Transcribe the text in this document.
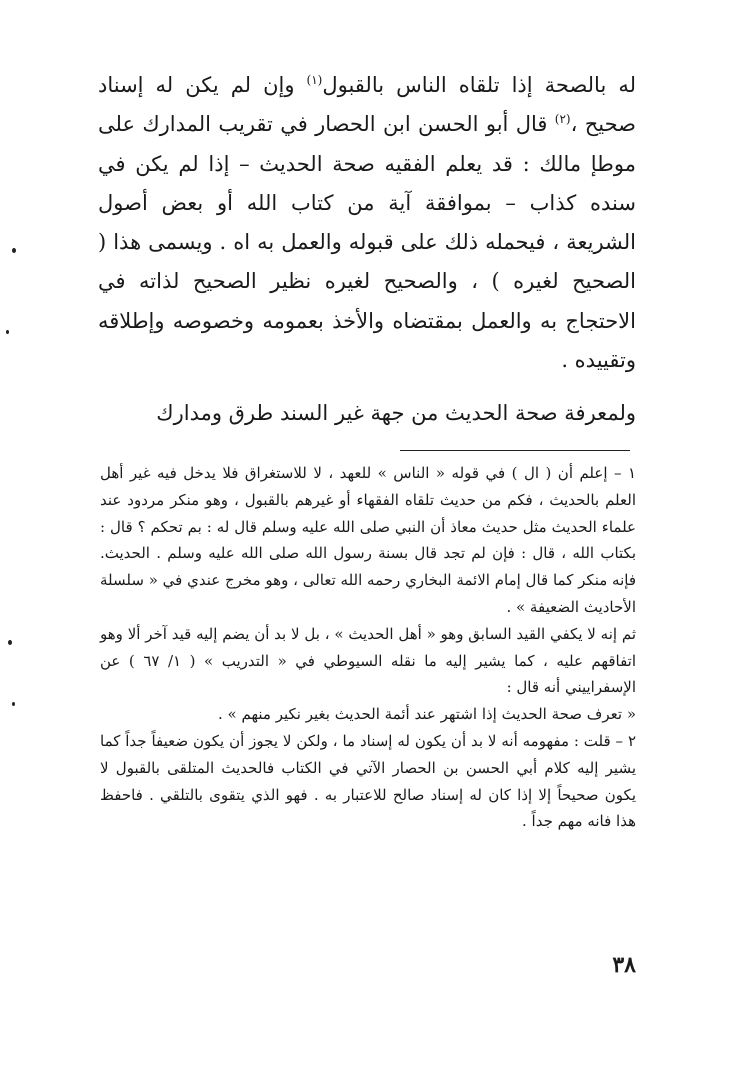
له بالصحة إذا تلقاه الناس بالقبول$^{(١)}$ وإن لم يكن له إسناد صحيح ،$^{(٢)}$ قال أبو الحسن ابن الحصار في تقريب المدارك على موطإ مالك : قد يعلم الفقيه صحة الحديث – إذا لم يكن في سنده كذاب – بموافقة آية من كتاب الله أو بعض أصول الشريعة ، فيحمله ذلك على قبوله والعمل به اه . ويسمى هذا ( الصحيح لغيره ) ، والصحيح لغيره نظير الصحيح لذاته في الاحتجاج به والعمل بمقتضاه والأخذ بعمومه وخصوصه وإطلاقه وتقييده .

ولمعرفة صحة الحديث من جهة غير السند طرق ومدارك

١ – إعلم أن ( ال ) في قوله « الناس » للعهد ، لا للاستغراق فلا يدخل فيه غير أهل العلم بالحديث ، فكم من حديث تلقاه الفقهاء أو غيرهم بالقبول ، وهو منكر مردود عند علماء الحديث مثل حديث معاذ أن النبي صلى الله عليه وسلم قال له : بم تحكم ؟ قال : بكتاب الله ، قال : فإن لم تجد قال بسنة رسول الله صلى الله عليه وسلم . الحديث. فإنه منكر كما قال إمام الائمة البخاري رحمه الله تعالى ، وهو مخرج عندي في « سلسلة الأحاديث الضعيفة » .

ثم إنه لا يكفي القيد السابق وهو « أهل الحديث » ، بل لا بد أن يضم إليه قيد آخر ألا وهو اتفاقهم عليه ، كما يشير إليه ما نقله السيوطي في « التدريب » ( ١/ ٦٧ ) عن الإسفراييني أنه قال :

« تعرف صحة الحديث إذا اشتهر عند أئمة الحديث بغير نكير منهم » .

٢ – قلت : مفهومه أنه لا بد أن يكون له إسناد ما ، ولكن لا يجوز أن يكون ضعيفاً جداً كما يشير إليه كلام أبي الحسن بن الحصار الآتي في الكتاب فالحديث المتلقى بالقبول لا يكون صحيحاً إلا إذا كان له إسناد صالح للاعتبار به . فهو الذي يتقوى بالتلقي . فاحفظ هذا فانه مهم جداً .

٣٨
